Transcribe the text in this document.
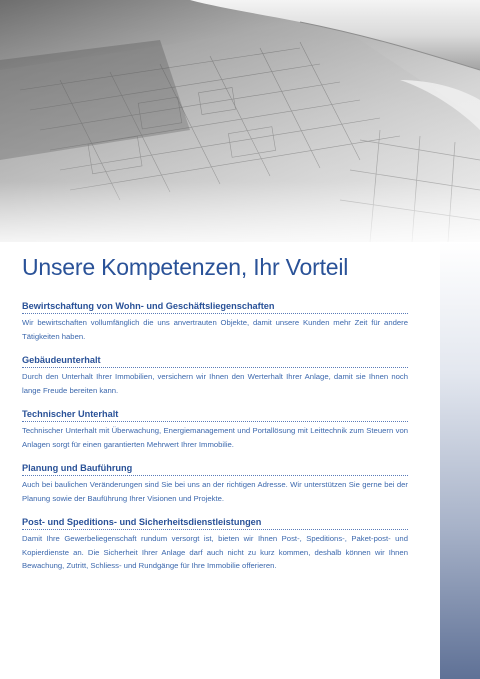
Unsere Kompetenzen, Ihr Vorteil
Bewirtschaftung von Wohn- und Geschäftsliegenschaften

Wir bewirtschaften vollumfänglich die uns anvertrauten Objekte, damit unsere Kunden mehr Zeit für andere Tätigkeiten haben.

Gebäudeunterhalt

Durch den Unterhalt Ihrer Immobilien, versichern wir Ihnen den Werterhalt Ihrer Anlage, damit sie Ihnen noch lange Freude bereiten kann.

Technischer Unterhalt

Technischer Unterhalt mit Überwachung, Energiemanagement und Portallösung mit Leittechnik zum Steuern von Anlagen sorgt für einen garantierten Mehrwert Ihrer Immobilie.

Planung und Bauführung

Auch bei baulichen Veränderungen sind Sie bei uns an der richtigen Adresse. Wir unterstützen Sie gerne bei der Planung sowie der Bauführung Ihrer Visionen und Projekte.

Post- und Speditions- und Sicherheitsdienstleistungen

Damit Ihre Gewerbeliegenschaft rundum versorgt ist, bieten wir Ihnen Post-, Speditions-, Paket-post- und Kopierdienste an. Die Sicherheit Ihrer Anlage darf auch nicht zu kurz kommen, deshalb können wir Ihnen Bewachung, Zutritt, Schliess- und Rundgänge für Ihre Immobilie offerieren.
